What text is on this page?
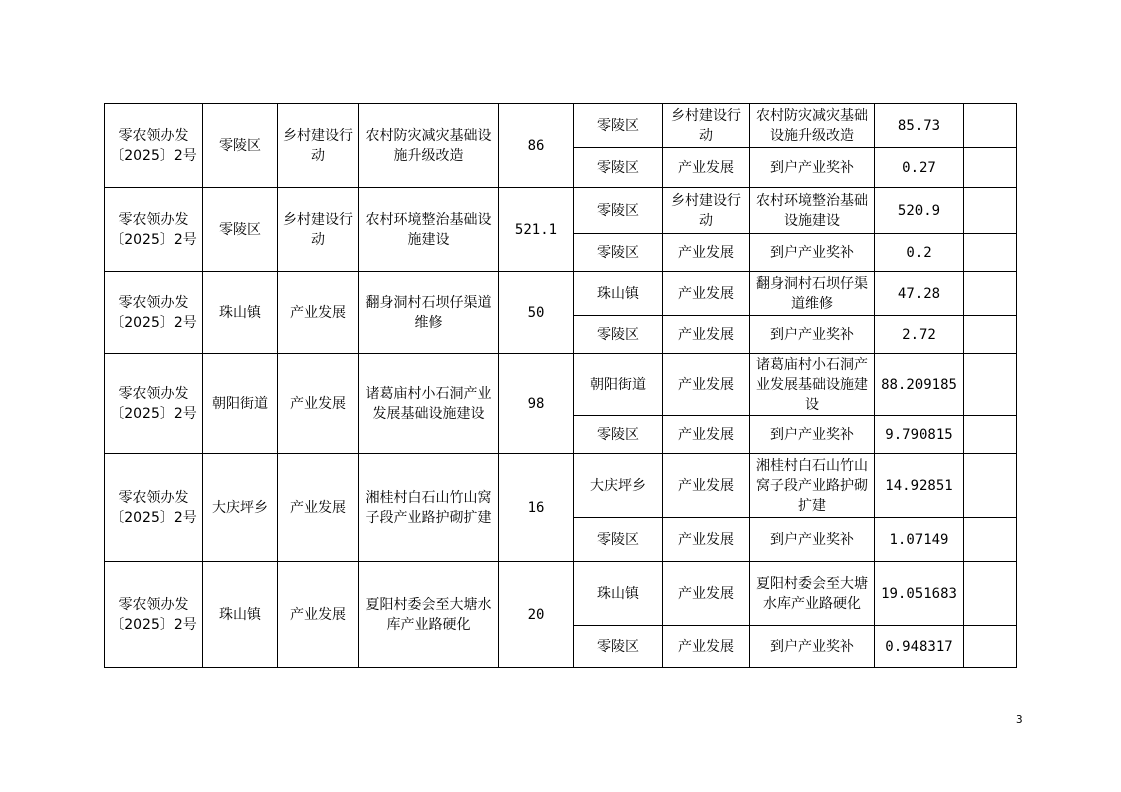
零农领办发〔2025〕2号	零陵区	乡村建设行动	农村防灾减灾基础设施升级改造	86	零陵区	乡村建设行动	农村防灾减灾基础设施升级改造	85.73	
					零陵区	产业发展	到户产业奖补	0.27	
零农领办发〔2025〕2号	零陵区	乡村建设行动	农村环境整治基础设施建设	521.1	零陵区	乡村建设行动	农村环境整治基础设施建设	520.9	
					零陵区	产业发展	到户产业奖补	0.2	
零农领办发〔2025〕2号	珠山镇	产业发展	翻身洞村石坝仔渠道维修	50	珠山镇	产业发展	翻身洞村石坝仔渠道维修	47.28	
					零陵区	产业发展	到户产业奖补	2.72	
零农领办发〔2025〕2号	朝阳街道	产业发展	诸葛庙村小石洞产业发展基础设施建设	98	朝阳街道	产业发展	诸葛庙村小石洞产业发展基础设施建设	88.209185	
					零陵区	产业发展	到户产业奖补	9.790815	
零农领办发〔2025〕2号	大庆坪乡	产业发展	湘桂村白石山竹山窝子段产业路护砌扩建	16	大庆坪乡	产业发展	湘桂村白石山竹山窝子段产业路护砌扩建	14.92851	
					零陵区	产业发展	到户产业奖补	1.07149	
零农领办发〔2025〕2号	珠山镇	产业发展	夏阳村委会至大塘水库产业路硬化	20	珠山镇	产业发展	夏阳村委会至大塘水库产业路硬化	19.051683	
					零陵区	产业发展	到户产业奖补	0.948317	
3
